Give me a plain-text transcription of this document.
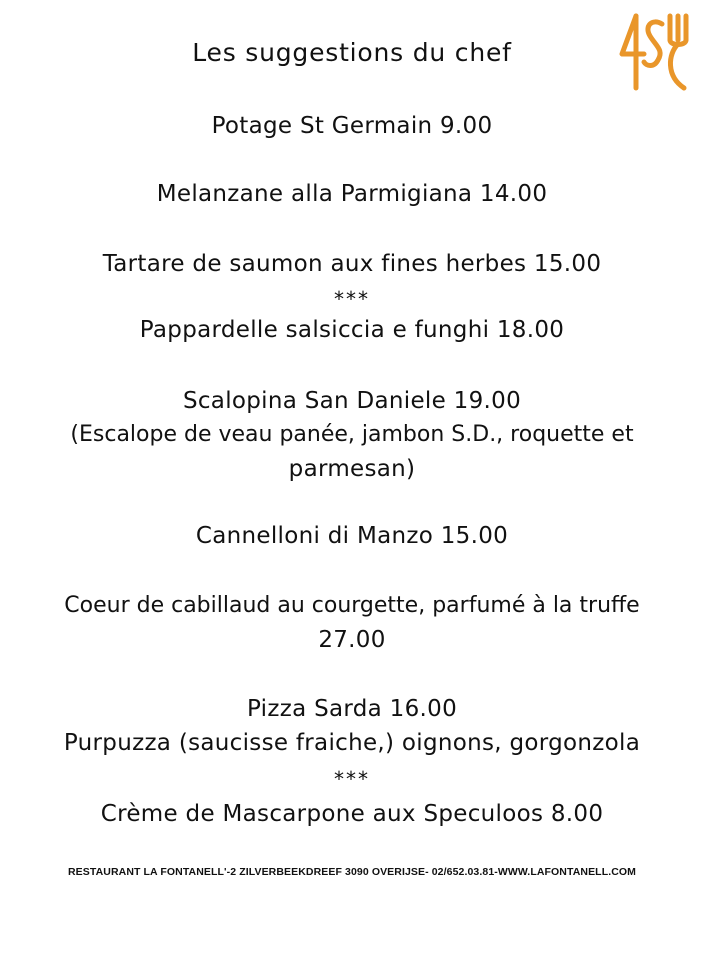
Les suggestions du chef
Potage St Germain 9.00
Melanzane alla Parmigiana 14.00
Tartare de saumon aux fines herbes 15.00
***
Pappardelle salsiccia e funghi 18.00
Scalopina San Daniele 19.00
(Escalope de veau panée, jambon S.D., roquette et
parmesan)
Cannelloni di Manzo 15.00
Coeur de cabillaud au courgette, parfumé à la truffe
27.00
Pizza Sarda 16.00
Purpuzza (saucisse fraiche,) oignons, gorgonzola
***
Crème de Mascarpone aux Speculoos 8.00
RESTAURANT LA FONTANELL'-2 ZILVERBEEKDREEF 3090 OVERIJSE- 02/652.03.81-WWW.LAFONTANELL.COM
